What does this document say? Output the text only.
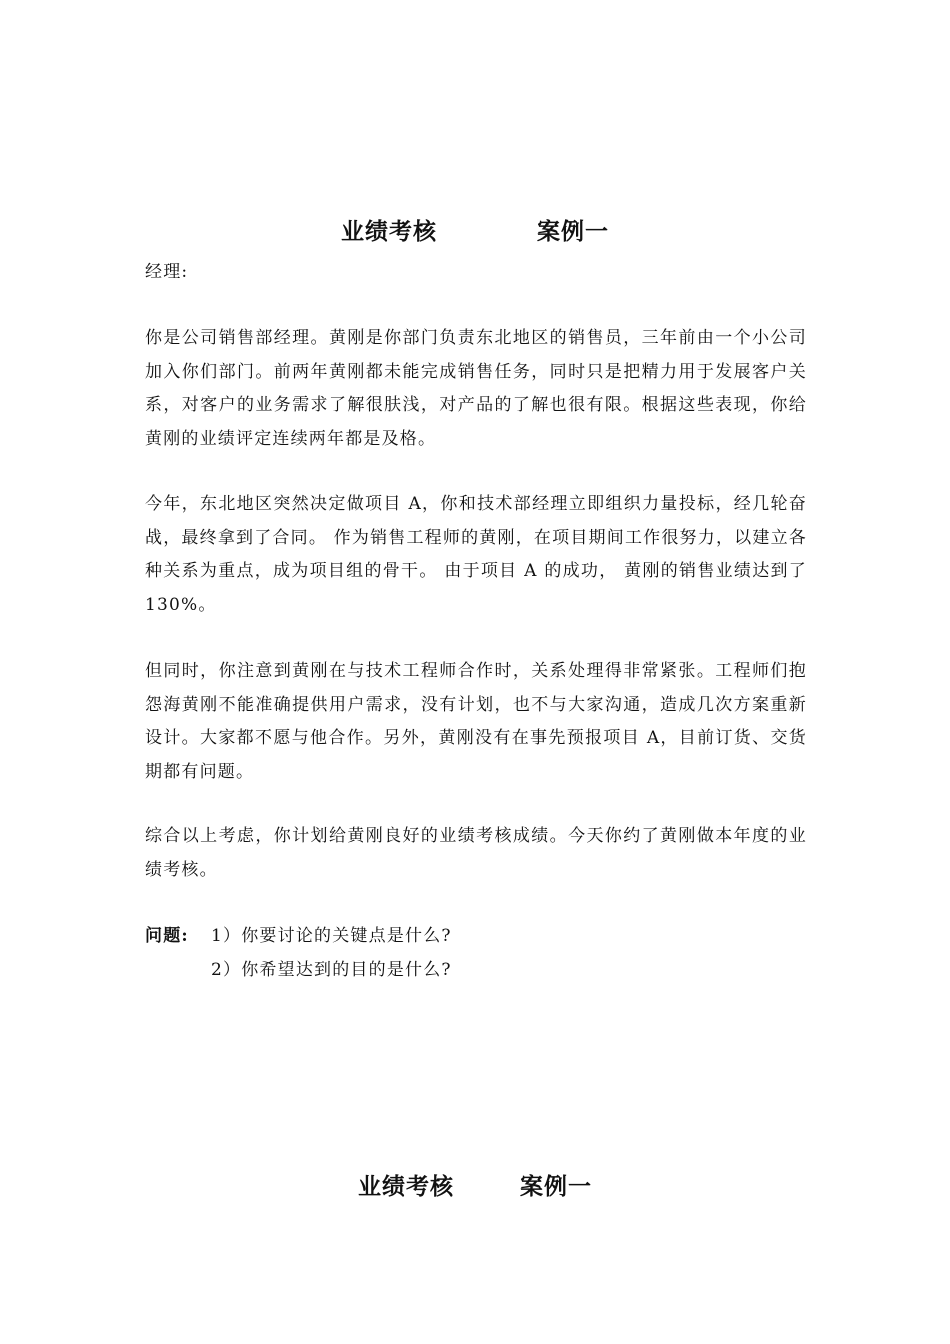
业绩考核	案例一
经理:

你是公司销售部经理。黄刚是你部门负责东北地区的销售员，三年前由一个小公司加入你们部门。前两年黄刚都未能完成销售任务，同时只是把精力用于发展客户关系，对客户的业务需求了解很肤浅，对产品的了解也很有限。根据这些表现，你给黄刚的业绩评定连续两年都是及格。

今年，东北地区突然决定做项目 A，你和技术部经理立即组织力量投标，经几轮奋战，最终拿到了合同。 作为销售工程师的黄刚，在项目期间工作很努力，以建立各种关系为重点，成为项目组的骨干。 由于项目 A 的成功， 黄刚的销售业绩达到了 130%。

但同时，你注意到黄刚在与技术工程师合作时，关系处理得非常紧张。工程师们抱怨海黄刚不能准确提供用户需求，没有计划，也不与大家沟通，造成几次方案重新设计。大家都不愿与他合作。另外，黄刚没有在事先预报项目 A，目前订货、交货期都有问题。

综合以上考虑，你计划给黄刚良好的业绩考核成绩。今天你约了黄刚做本年度的业绩考核。

问题:	1）你要讨论的关键点是什么?
2）你希望达到的目的是什么?
业绩考核	案例一
